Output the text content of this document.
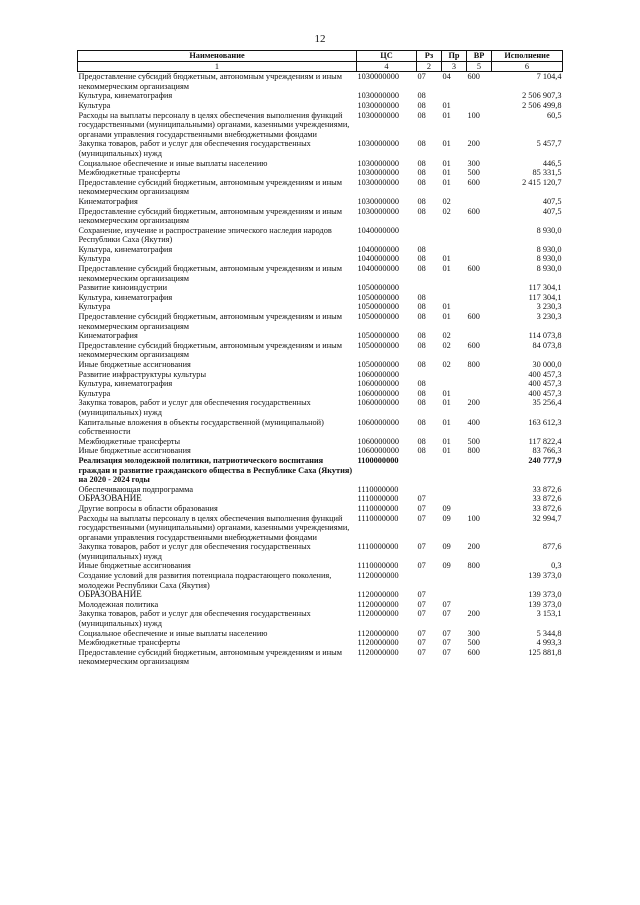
12
Наименование	ЦС	Рз	Пр	ВР	Исполнение
1	4	2	3	5	6
Предоставление субсидий бюджетным, автономным учреждениям и иным некоммерческим организациям	1030000000	07	04	600	7 104,4
Культура, кинематография	1030000000	08			2 506 907,3
Культура	1030000000	08	01		2 506 499,8
Расходы на выплаты персоналу в целях обеспечения выполнения функций государственными (муниципальными) органами, казенными учреждениями, органами управления государственными внебюджетными фондами	1030000000	08	01	100	60,5
Закупка товаров, работ и услуг для обеспечения государственных (муниципальных) нужд	1030000000	08	01	200	5 457,7
Социальное обеспечение и иные выплаты населению	1030000000	08	01	300	446,5
Межбюджетные трансферты	1030000000	08	01	500	85 331,5
Предоставление субсидий бюджетным, автономным учреждениям и иным некоммерческим организациям	1030000000	08	01	600	2 415 120,7
Кинематография	1030000000	08	02		407,5
Предоставление субсидий бюджетным, автономным учреждениям и иным некоммерческим организациям	1030000000	08	02	600	407,5
Сохранение, изучение и распространение эпического наследия народов Республики Саха (Якутия)	1040000000				8 930,0
Культура, кинематография	1040000000	08			8 930,0
Культура	1040000000	08	01		8 930,0
Предоставление субсидий бюджетным, автономным учреждениям и иным некоммерческим организациям	1040000000	08	01	600	8 930,0
Развитие киноиндустрии	1050000000				117 304,1
Культура, кинематография	1050000000	08			117 304,1
Культура	1050000000	08	01		3 230,3
Предоставление субсидий бюджетным, автономным учреждениям и иным некоммерческим организациям	1050000000	08	01	600	3 230,3
Кинематография	1050000000	08	02		114 073,8
Предоставление субсидий бюджетным, автономным учреждениям и иным некоммерческим организациям	1050000000	08	02	600	84 073,8
Иные бюджетные ассигнования	1050000000	08	02	800	30 000,0
Развитие инфраструктуры культуры	1060000000				400 457,3
Культура, кинематография	1060000000	08			400 457,3
Культура	1060000000	08	01		400 457,3
Закупка товаров, работ и услуг для обеспечения государственных (муниципальных) нужд	1060000000	08	01	200	35 256,4
Капитальные вложения в объекты государственной (муниципальной) собственности	1060000000	08	01	400	163 612,3
Межбюджетные трансферты	1060000000	08	01	500	117 822,4
Иные бюджетные ассигнования	1060000000	08	01	800	83 766,3
Реализация молодежной политики, патриотического воспитания граждан и развитие гражданского общества в Республике Саха (Якутия) на 2020 - 2024 годы	1100000000				240 777,9
Обеспечивающая подпрограмма	1110000000				33 872,6
ОБРАЗОВАНИЕ	1110000000	07			33 872,6
Другие вопросы в области образования	1110000000	07	09		33 872,6
Расходы на выплаты персоналу в целях обеспечения выполнения функций государственными (муниципальными) органами, казенными учреждениями, органами управления государственными внебюджетными фондами	1110000000	07	09	100	32 994,7
Закупка товаров, работ и услуг для обеспечения государственных (муниципальных) нужд	1110000000	07	09	200	877,6
Иные бюджетные ассигнования	1110000000	07	09	800	0,3
Создание условий для развития потенциала подрастающего поколения, молодежи Республики Саха (Якутия)	1120000000				139 373,0
ОБРАЗОВАНИЕ	1120000000	07			139 373,0
Молодежная политика	1120000000	07	07		139 373,0
Закупка товаров, работ и услуг для обеспечения государственных (муниципальных) нужд	1120000000	07	07	200	3 153,1
Социальное обеспечение и иные выплаты населению	1120000000	07	07	300	5 344,8
Межбюджетные трансферты	1120000000	07	07	500	4 993,3
Предоставление субсидий бюджетным, автономным учреждениям и иным некоммерческим организациям	1120000000	07	07	600	125 881,8
